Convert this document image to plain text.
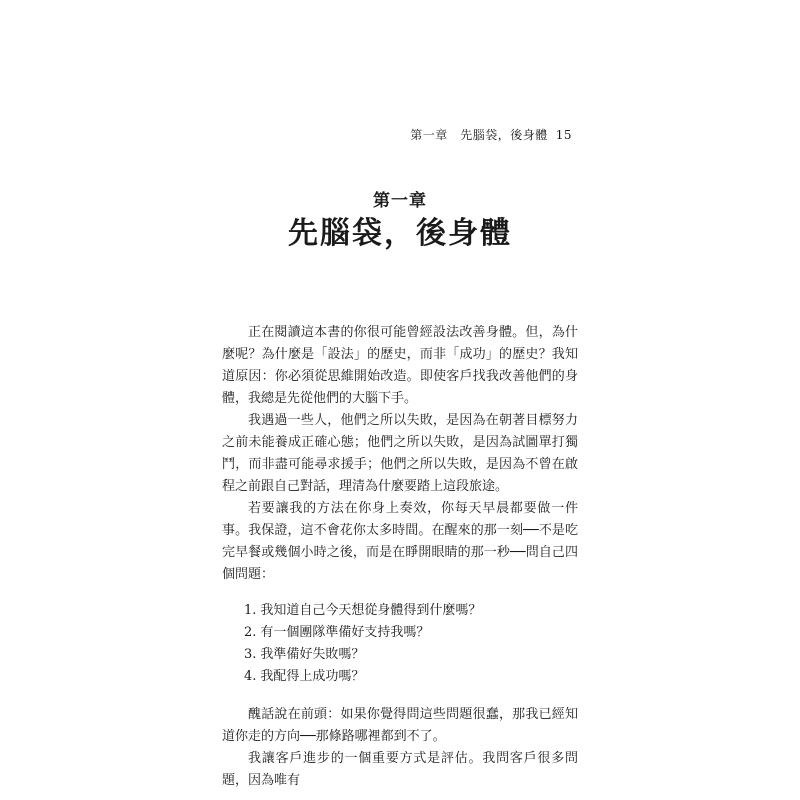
第一章　先腦袋，後身體 15
第一章
先腦袋，後身體

正在閱讀這本書的你很可能曾經設法改善身體。但，為什麼呢？為什麼是「設法」的歷史，而非「成功」的歷史？我知道原因：你必須從思維開始改造。即使客戶找我改善他們的身體，我總是先從他們的大腦下手。

我遇過一些人，他們之所以失敗，是因為在朝著目標努力之前未能養成正確心態；他們之所以失敗，是因為試圖單打獨鬥，而非盡可能尋求援手；他們之所以失敗，是因為不曾在啟程之前跟自己對話，理清為什麼要踏上這段旅途。

若要讓我的方法在你身上奏效，你每天早晨都要做一件事。我保證，這不會花你太多時間。在醒來的那一刻──不是吃完早餐或幾個小時之後，而是在睜開眼睛的那一秒──問自己四個問題：

1. 我知道自己今天想從身體得到什麼嗎？
2. 有一個團隊準備好支持我嗎？
3. 我準備好失敗嗎？
4. 我配得上成功嗎？

醜話說在前頭：如果你覺得問這些問題很蠢，那我已經知道你走的方向──那條路哪裡都到不了。

我讓客戶進步的一個重要方式是評估。我問客戶很多問題，因為唯有
